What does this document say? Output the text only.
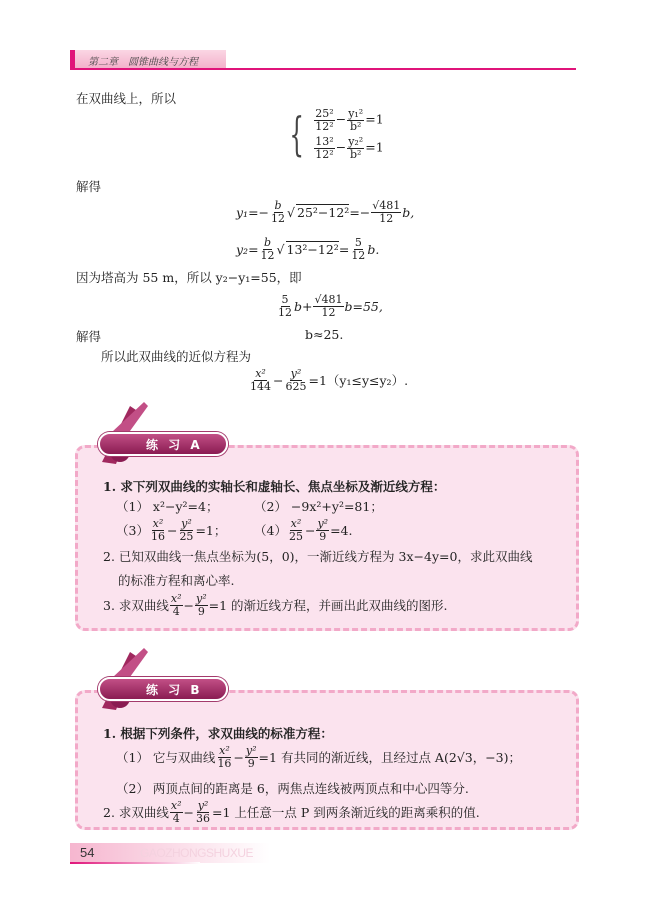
第二章　圆锥曲线与方程
在双曲线上，所以
{ $\frac{\text{25²}}{\text{12²}} - \frac{\text{y₁²}}{\text{b²}} =1$
$\frac{\text{13²}}{\text{12²}} - \frac{\text{y₂²}}{\text{b²}} =1$
解得
$y_1=- \frac{b}{12}$ √ $25^2-12^2 =- \frac{√481}{12} b$,
$y_2= \frac{b}{12}$ √ $13^2-12^2 = \frac{5}{12} b$.
因为塔高为 55 m，所以 y₂−y₁=55，即
$\frac{5}{12} b+ \frac{√481}{12} b=55$,
解得	b≈25.
所以此双曲线的近似方程为
$\frac{\text{x²}}{144} - \frac{\text{y²}}{625} =1(y_1\le y\le y_2)$.
练 习 A
1. 求下列双曲线的实轴长和虚轴长、焦点坐标及渐近线方程：
（1） x²−y²=4；	（2） −9x²+y²=81；
$(3) \frac{\text{x²}}{16} - \frac{\text{y²}}{25} =1$； $(4) \frac{\text{x²}}{25} - \frac{\text{y²}}{9} =4$.
2. 已知双曲线一焦点坐标为(5，0)，一渐近线方程为 3x−4y=0，求此双曲线
的标准方程和离心率.
3. 求双曲线 $\frac{\text{x²}}{4} - \frac{\text{y²}}{9} =1$ 的渐近线方程，并画出此双曲线的图形.
练 习 B
1. 根据下列条件，求双曲线的标准方程：
（1） 它与双曲线 $\frac{\text{x²}}{16} - \frac{\text{y²}}{9} =1$ 有共同的渐近线，且经过点 A(2√3，−3)；
（2） 两顶点间的距离是 6，两焦点连线被两顶点和中心四等分.
2. 求双曲线 $\frac{\text{x²}}{4} - \frac{\text{y²}}{36} =1$ 上任意一点 P 到两条渐近线的距离乘积的值.
54	GAOZHONGSHUXUE
